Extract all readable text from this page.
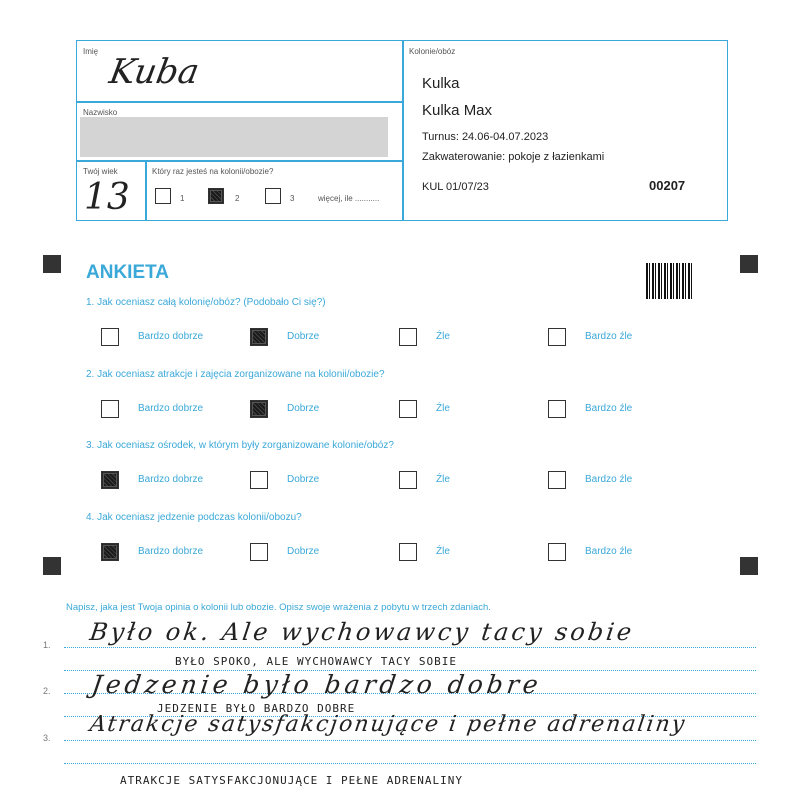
Imię
Kuba
Nazwisko
Twój wiek
13
Który raz jesteś na kolonii/obozie?
1	2	3	więcej, ile ...........
Kolonie/obóz
Kulka
Kulka Max
Turnus: 24.06-04.07.2023
Zakwaterowanie: pokoje z łazienkami
KUL 01/07/23	00207
ANKIETA
1. Jak oceniasz całą kolonię/obóz? (Podobało Ci się?)
Bardzo dobrze	Dobrze	Źle	Bardzo źle
2. Jak oceniasz atrakcje i zajęcia zorganizowane na kolonii/obozie?
Bardzo dobrze	Dobrze	Źle	Bardzo źle
3. Jak oceniasz ośrodek, w którym były zorganizowane kolonie/obóz?
Bardzo dobrze	Dobrze	Źle	Bardzo źle
4. Jak oceniasz jedzenie podczas kolonii/obozu?
Bardzo dobrze	Dobrze	Źle	Bardzo źle
Napisz, jaka jest Twoja opinia o kolonii lub obozie. Opisz swoje wrażenia z pobytu w trzech zdaniach.
1.
2.
3.
Było ok. Ale wychowawcy tacy sobie
BYŁO SPOKO, ALE WYCHOWAWCY TACY SOBIE
Jedzenie było bardzo dobre
JEDZENIE BYŁO BARDZO DOBRE
Atrakcje satysfakcjonujące i pełne adrenaliny
ATRAKCJE SATYSFAKCJONUJĄCE I PEŁNE ADRENALINY
